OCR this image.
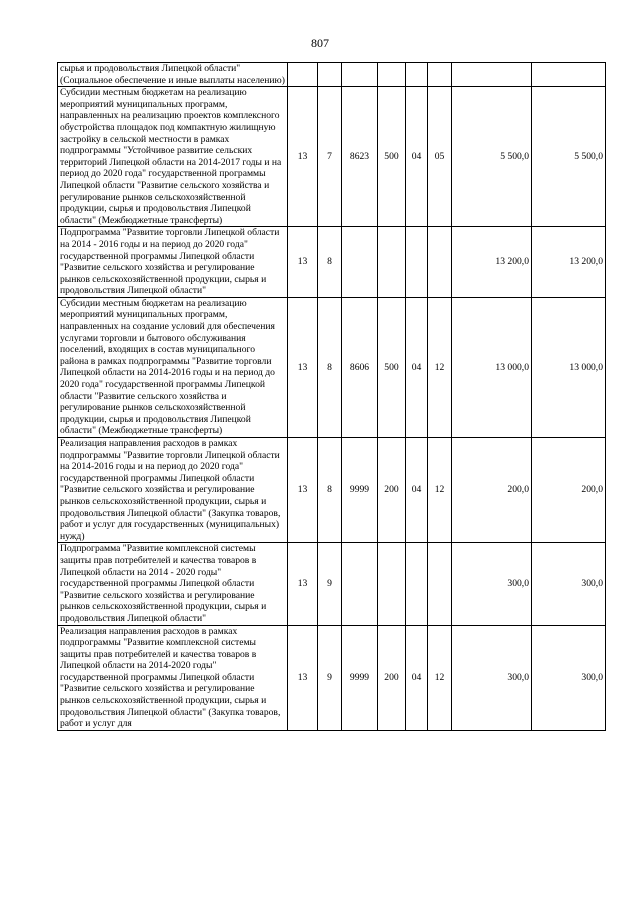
807
сырья и продовольствия Липецкой области" (Социальное обеспечение и иные выплаты населению)								
Субсидии местным бюджетам на реализацию мероприятий муниципальных программ, направленных на реализацию проектов комплексного обустройства площадок под компактную жилищную застройку в сельской местности в рамках подпрограммы "Устойчивое развитие сельских территорий Липецкой области на 2014-2017 годы и на период до 2020 года" государственной программы Липецкой области "Развитие сельского хозяйства и регулирование рынков сельскохозяйственной продукции, сырья и продовольствия Липецкой области" (Межбюджетные трансферты)	13	7	8623	500	04	05	5 500,0	5 500,0
Подпрограмма "Развитие торговли Липецкой области на 2014 - 2016 годы и на период до 2020 года" государственной программы Липецкой области "Развитие сельского хозяйства и регулирование рынков сельскохозяйственной продукции, сырья и продовольствия Липецкой области"	13	8					13 200,0	13 200,0
Субсидии местным бюджетам на реализацию мероприятий муниципальных программ, направленных на создание условий для обеспечения услугами торговли и бытового обслуживания поселений, входящих в состав муниципального района в рамках подпрограммы "Развитие торговли Липецкой области на 2014-2016 годы и на период до 2020 года" государственной программы Липецкой области "Развитие сельского хозяйства и регулирование рынков сельскохозяйственной продукции, сырья и продовольствия Липецкой области" (Межбюджетные трансферты)	13	8	8606	500	04	12	13 000,0	13 000,0
Реализация направления расходов в рамках подпрограммы "Развитие торговли Липецкой области на 2014-2016 годы и на период до 2020 года" государственной программы Липецкой области "Развитие сельского хозяйства и регулирование рынков сельскохозяйственной продукции, сырья и продовольствия Липецкой области" (Закупка товаров, работ и услуг для государственных (муниципальных) нужд)	13	8	9999	200	04	12	200,0	200,0
Подпрограмма "Развитие комплексной системы защиты прав потребителей и качества товаров в Липецкой области на 2014 - 2020 годы" государственной программы Липецкой области "Развитие сельского хозяйства и регулирование рынков сельскохозяйственной продукции, сырья и продовольствия Липецкой области"	13	9					300,0	300,0
Реализация направления расходов в рамках подпрограммы "Развитие комплексной системы защиты прав потребителей и качества товаров в Липецкой области на 2014-2020 годы" государственной программы Липецкой области "Развитие сельского хозяйства и регулирование рынков сельскохозяйственной продукции, сырья и продовольствия Липецкой области" (Закупка товаров, работ и услуг для	13	9	9999	200	04	12	300,0	300,0
